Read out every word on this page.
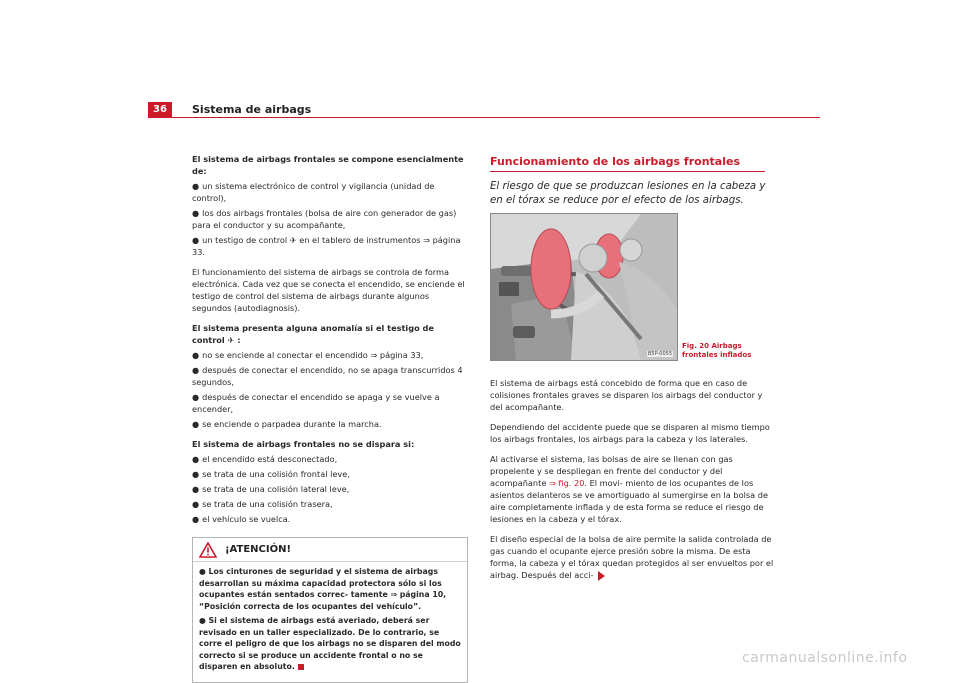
36	Sistema de airbags

El sistema de airbags frontales se compone esencialmente de:

● un sistema electrónico de control y vigilancia (unidad de control),
● los dos airbags frontales (bolsa de aire con generador de gas) para el conductor y su acompañante,
● un testigo de control ✈ en el tablero de instrumentos ⇒ página 33.

El funcionamiento del sistema de airbags se controla de forma electrónica. Cada vez que se conecta el encendido, se enciende el testigo de control del sistema de airbags durante algunos segundos (autodiagnosis).

El sistema presenta alguna anomalía si el testigo de control ✈ :

● no se enciende al conectar el encendido ⇒ página 33,
● después de conectar el encendido, no se apaga transcurridos 4 segundos,
● después de conectar el encendido se apaga y se vuelve a encender,
● se enciende o parpadea durante la marcha.

El sistema de airbags frontales no se dispara si:

● el encendido está desconectado,
● se trata de una colisión frontal leve,
● se trata de una colisión lateral leve,
● se trata de una colisión trasera,
● el vehículo se vuelca.
¡ATENCIÓN!
● Los cinturones de seguridad y el sistema de airbags desarrollan su máxima capacidad protectora sólo si los ocupantes están sentados correc- tamente ⇒ página 10, “Posición correcta de los ocupantes del vehículo”.
● Si el sistema de airbags está averiado, deberá ser revisado en un taller especializado. De lo contrario, se corre el peligro de que los airbags no se disparen del modo correcto si se produce un accidente frontal o no se disparen en absoluto.
Funcionamiento de los airbags frontales

El riesgo de que se produzcan lesiones en la cabeza y en el tórax se reduce por el efecto de los airbags.

B5P-0055
Fig. 20 Airbags frontales inflados

El sistema de airbags está concebido de forma que en caso de colisiones frontales graves se disparen los airbags del conductor y del acompañante.

Dependiendo del accidente puede que se disparen al mismo tiempo los airbags frontales, los airbags para la cabeza y los laterales.

Al activarse el sistema, las bolsas de aire se llenan con gas propelente y se despliegan en frente del conductor y del acompañante ⇒ fig. 20. El movi- miento de los ocupantes de los asientos delanteros se ve amortiguado al sumergirse en la bolsa de aire completamente inflada y de esta forma se reduce el riesgo de lesiones en la cabeza y el tórax.

El diseño especial de la bolsa de aire permite la salida controlada de gas cuando el ocupante ejerce presión sobre la misma. De esta forma, la cabeza y el tórax quedan protegidos al ser envueltos por el airbag. Después del acci-

carmanualsonline.info
